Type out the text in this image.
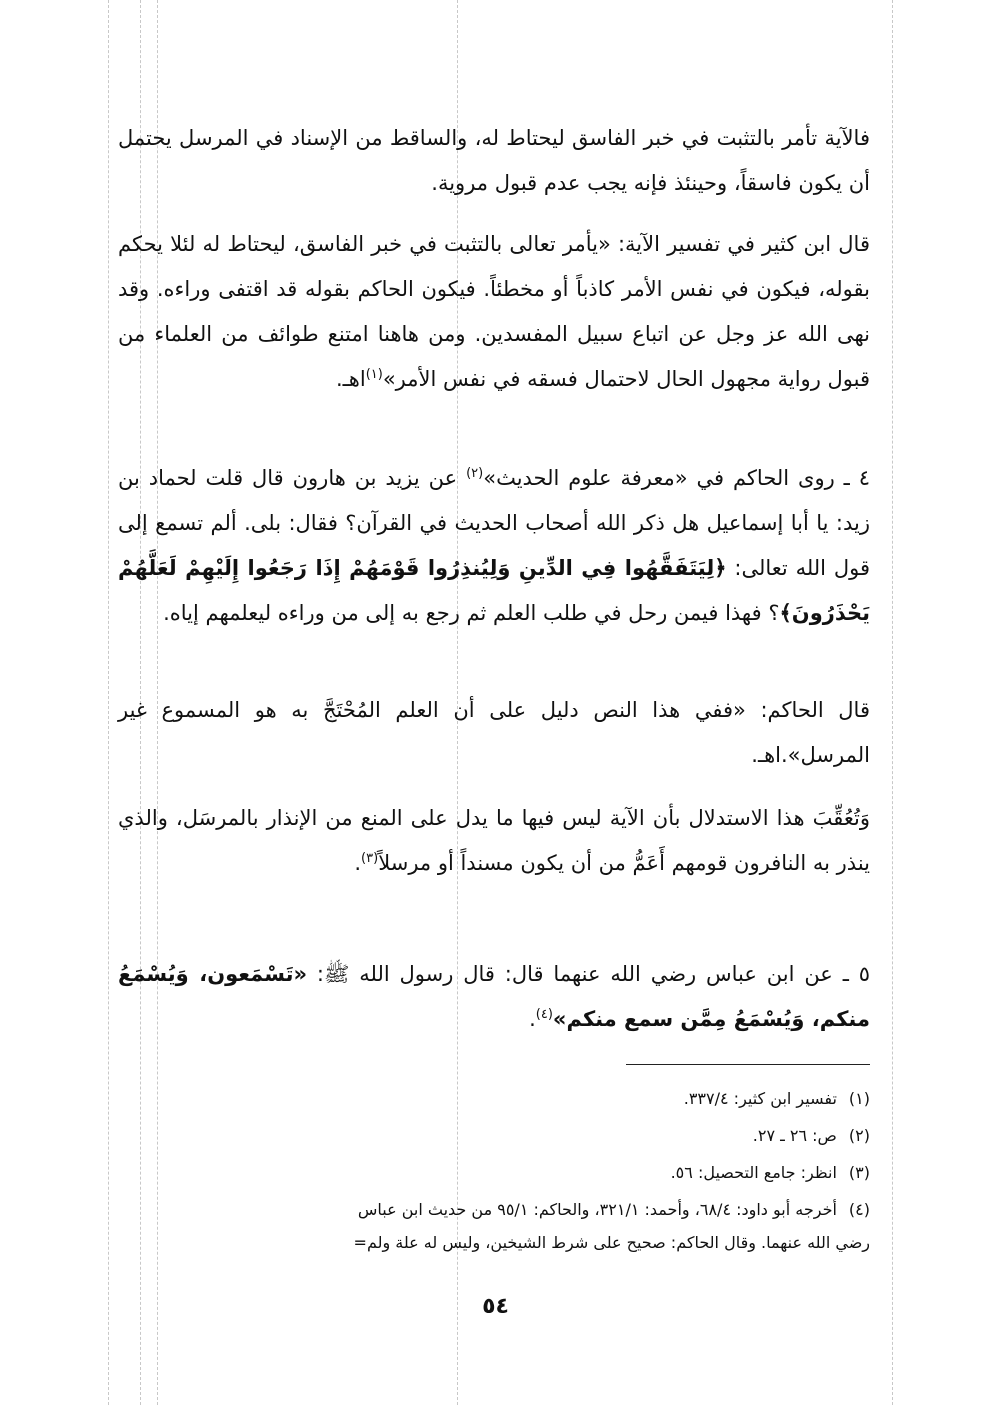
فالآية تأمر بالتثبت في خبر الفاسق ليحتاط له، والساقط من الإسناد في المرسل يحتمل أن يكون فاسقاً، وحينئذ فإنه يجب عدم قبول مروية.

قال ابن كثير في تفسير الآية: «يأمر تعالى بالتثبت في خبر الفاسق، ليحتاط له لئلا يحكم بقوله، فيكون في نفس الأمر كاذباً أو مخطئاً. فيكون الحاكم بقوله قد اقتفى وراءه. وقد نهى الله عز وجل عن اتباع سبيل المفسدين. ومن هاهنا امتنع طوائف من العلماء من قبول رواية مجهول الحال لاحتمال فسقه في نفس الأمر»$^{(١)}$اهـ.

٤ ـ روى الحاكم في «معرفة علوم الحديث»$^{(٢)}$ عن يزيد بن هارون قال قلت لحماد بن زيد: يا أبا إسماعيل هل ذكر الله أصحاب الحديث في القرآن؟ فقال: بلى. ألم تسمع إلى قول الله تعالى: ﴿لِيَتَفَقَّهُوا فِي الدِّينِ وَلِيُنذِرُوا قَوْمَهُمْ إِذَا رَجَعُوا إِلَيْهِمْ لَعَلَّهُمْ يَحْذَرُونَ﴾؟ فهذا فيمن رحل في طلب العلم ثم رجع به إلى من وراءه ليعلمهم إياه.

قال الحاكم: «ففي هذا النص دليل على أن العلم المُحْتَجَّ به هو المسموع غير المرسل».اهـ.

وَتُعُقِّبَ هذا الاستدلال بأن الآية ليس فيها ما يدل على المنع من الإنذار بالمرسَل، والذي ينذر به النافرون قومهم أَعَمُّ من أن يكون مسنداً أو مرسلاً$^{(٣)}$.

٥ ـ عن ابن عباس رضي الله عنهما قال: قال رسول الله ﷺ: «تَسْمَعون، وَيُسْمَعُ منكم، وَيُسْمَعُ مِمَّن سمع منكم»$^{(٤)}$.

(١)تفسير ابن كثير: ٣٣٧/٤.

(٢)ص: ٢٦ ـ ٢٧.

(٣)انظر: جامع التحصيل: ٥٦.

(٤)أخرجه أبو داود: ٦٨/٤، وأحمد: ٣٢١/١، والحاكم: ٩٥/١ من حديث ابن عباس

رضي الله عنهما. وقال الحاكم: صحيح على شرط الشيخين، وليس له علة ولم=

٥٤
